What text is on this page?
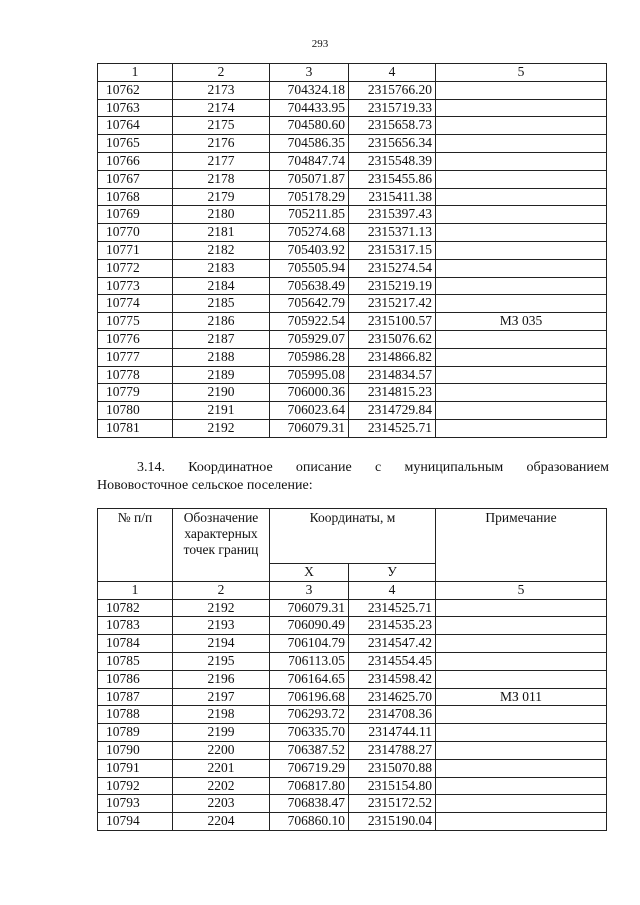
293
1	2	3	4	5
10762	2173	704324.18	2315766.20	
10763	2174	704433.95	2315719.33	
10764	2175	704580.60	2315658.73	
10765	2176	704586.35	2315656.34	
10766	2177	704847.74	2315548.39	
10767	2178	705071.87	2315455.86	
10768	2179	705178.29	2315411.38	
10769	2180	705211.85	2315397.43	
10770	2181	705274.68	2315371.13	
10771	2182	705403.92	2315317.15	
10772	2183	705505.94	2315274.54	
10773	2184	705638.49	2315219.19	
10774	2185	705642.79	2315217.42	
10775	2186	705922.54	2315100.57	МЗ 035
10776	2187	705929.07	2315076.62	
10777	2188	705986.28	2314866.82	
10778	2189	705995.08	2314834.57	
10779	2190	706000.36	2314815.23	
10780	2191	706023.64	2314729.84	
10781	2192	706079.31	2314525.71	
3.14. Координатное описание с муниципальным образованием
Нововосточное сельское поселение:
№ п/п	Обозначение характерных точек границ	Координаты, м		Примечание
		Х	У	
1	2	3	4	5
10782	2192	706079.31	2314525.71	
10783	2193	706090.49	2314535.23	
10784	2194	706104.79	2314547.42	
10785	2195	706113.05	2314554.45	
10786	2196	706164.65	2314598.42	
10787	2197	706196.68	2314625.70	МЗ 011
10788	2198	706293.72	2314708.36	
10789	2199	706335.70	2314744.11	
10790	2200	706387.52	2314788.27	
10791	2201	706719.29	2315070.88	
10792	2202	706817.80	2315154.80	
10793	2203	706838.47	2315172.52	
10794	2204	706860.10	2315190.04	
